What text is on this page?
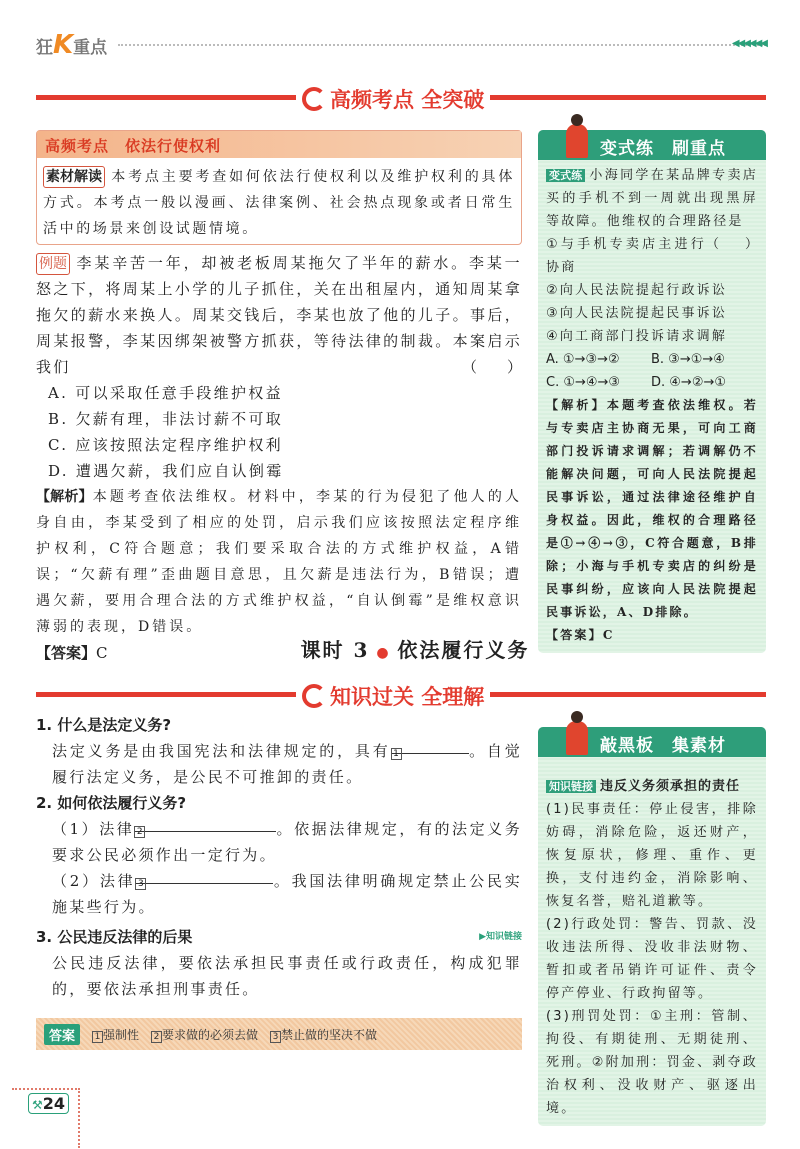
狂K重点	◀◀◀◀◀◀
高频考点 全突破
高频考点　依法行使权利
素材解读 本考点主要考查如何依法行使权利以及维护权利的具体方式。本考点一般以漫画、法律案例、社会热点现象或者日常生活中的场景来创设试题情境。
例题 李某辛苦一年，却被老板周某拖欠了半年的薪水。李某一怒之下，将周某上小学的儿子抓住，关在出租屋内，通知周某拿拖欠的薪水来换人。周某交钱后，李某也放了他的儿子。事后，周某报警，李某因绑架被警方抓获，等待法律的制裁。本案启示我们	（　　）
A. 可以采取任意手段维护权益
B. 欠薪有理，非法讨薪不可取
C. 应该按照法定程序维护权利
D. 遭遇欠薪，我们应自认倒霉
【解析】本题考查依法维权。材料中，李某的行为侵犯了他人的人身自由，李某受到了相应的处罚，启示我们应该按照法定程序维护权利，C符合题意；我们要采取合法的方式维护权益，A错误；“欠薪有理”歪曲题目意思，且欠薪是违法行为，B错误；遭遇欠薪，要用合理合法的方式维护权益，“自认倒霉”是维权意识薄弱的表现，D错误。
【答案】C
变式练　刷重点
变式练 小海同学在某品牌专卖店买的手机不到一周就出现黑屏等故障。他维权的合理路径是
（　　）
①与手机专卖店主进行协商
②向人民法院提起行政诉讼
③向人民法院提起民事诉讼
④向工商部门投诉请求调解
A. ①→③→② B. ③→①→④
C. ①→④→③ D. ④→②→①
【解析】本题考查依法维权。若与专卖店主协商无果，可向工商部门投诉请求调解；若调解仍不能解决问题，可向人民法院提起民事诉讼，通过法律途径维护自身权益。因此，维权的合理路径是①→④→③，C符合题意，B排除；小海与手机专卖店的纠纷是民事纠纷，应该向人民法院提起民事诉讼，A、D排除。
【答案】C
课时 3 ● 依法履行义务
知识过关 全理解
1. 什么是法定义务?
法定义务是由我国宪法和法律规定的，具有 1	。自觉履行法定义务，是公民不可推卸的责任。
2. 如何依法履行义务?
（1）法律 2	。依据法律规定，有的法定义务要求公民必须作出一定行为。
（2）法律 3	。我国法律明确规定禁止公民实施某些行为。
3. 公民违反法律的后果	▶知识链接
公民违反法律，要依法承担民事责任或行政责任，构成犯罪的，要依法承担刑事责任。
答案	1 强制性 2 要求做的必须去做 3 禁止做的坚决不做
敲黑板　集素材
知识链接 违反义务须承担的责任
(1)民事责任：停止侵害，排除妨碍，消除危险，返还财产，恢复原状，修理、重作、更换，支付违约金，消除影响、恢复名誉，赔礼道歉等。
(2)行政处罚：警告、罚款、没收违法所得、没收非法财物、暂扣或者吊销许可证件、责令停产停业、行政拘留等。
(3)刑罚处罚：①主刑：管制、拘役、有期徒刑、无期徒刑、死刑。②附加刑：罚金、剥夺政治权利、没收财产、驱逐出境。
⚒24
